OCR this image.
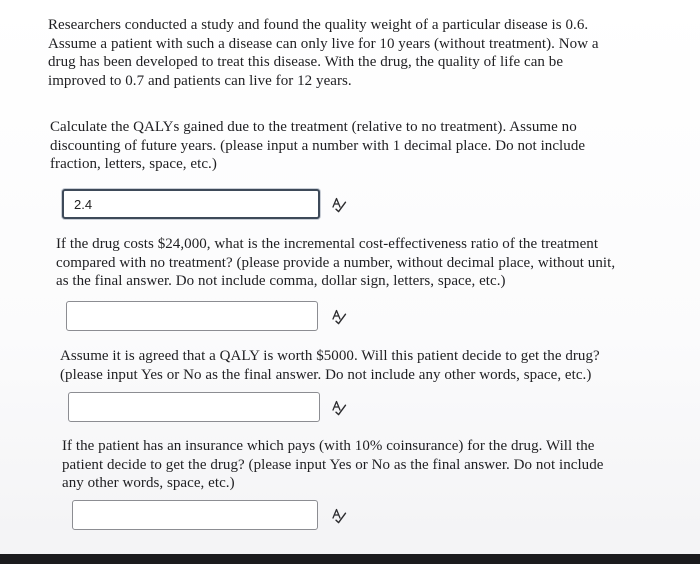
Researchers conducted a study and found the quality weight of a particular disease is 0.6.
Assume a patient with such a disease can only live for 10 years (without treatment). Now a
drug has been developed to treat this disease. With the drug, the quality of life can be
improved to 0.7 and patients can live for 12 years.

Calculate the QALYs gained due to the treatment (relative to no treatment). Assume no
discounting of future years. (please input a number with 1 decimal place. Do not include
fraction, letters, space, etc.)

2.4

If the drug costs $24,000, what is the incremental cost-effectiveness ratio of the treatment
compared with no treatment? (please provide a number, without decimal place, without unit,
as the final answer. Do not include comma, dollar sign, letters, space, etc.)

Assume it is agreed that a QALY is worth $5000. Will this patient decide to get the drug?
(please input Yes or No as the final answer. Do not include any other words, space, etc.)

If the patient has an insurance which pays (with 10% coinsurance) for the drug. Will the
patient decide to get the drug? (please input Yes or No as the final answer. Do not include
any other words, space, etc.)
